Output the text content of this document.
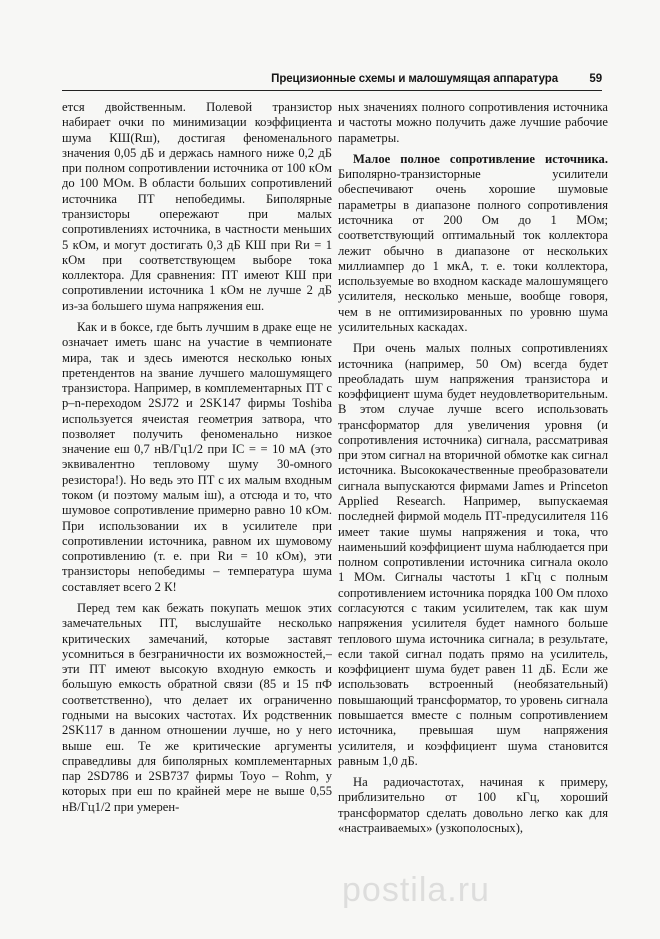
Прецизионные схемы и малошумящая аппаратура	59

ется двойственным. Полевой транзистор набирает очки по минимизации коэффициента шума КШ(Rш), достигая феноменального значения 0,05 дБ и держась намного ниже 0,2 дБ при полном сопротивлении источника от 100 кОм до 100 МОм. В области больших сопротивлений источника ПТ непобедимы. Биполярные транзисторы опережают при малых сопротивлениях источника, в частности меньших 5 кОм, и могут достигать 0,3 дБ КШ при Rи = 1 кОм при соответствующем выборе тока коллектора. Для сравнения: ПТ имеют КШ при сопротивлении источника 1 кОм не лучше 2 дБ из-за большего шума напряжения eш.

Как и в боксе, где быть лучшим в драке еще не означает иметь шанс на участие в чемпионате мира, так и здесь имеются несколько юных претендентов на звание лучшего малошумящего транзистора. Например, в комплементарных ПТ с p–n-переходом 2SJ72 и 2SK147 фирмы Toshiba используется ячеистая геометрия затвора, что позволяет получить феноменально низкое значение eш 0,7 нВ/Гц1/2 при IC = = 10 мА (это эквивалентно тепловому шуму 30-омного резистора!). Но ведь это ПТ с их малым входным током (и поэтому малым iш), а отсюда и то, что шумовое сопротивление примерно равно 10 кОм. При использовании их в усилителе при сопротивлении источника, равном их шумовому сопротивлению (т. е. при Rи = 10 кОм), эти транзисторы непобедимы – температура шума составляет всего 2 К!

Перед тем как бежать покупать мешок этих замечательных ПТ, выслушайте несколько критических замечаний, которые заставят усомниться в безграничности их возможностей,–эти ПТ имеют высокую входную емкость и большую емкость обратной связи (85 и 15 пФ соответственно), что делает их ограниченно годными на высоких частотах. Их родственник 2SK117 в данном отношении лучше, но у него выше eш. Те же критические аргументы справедливы для биполярных комплементарных пар 2SD786 и 2SB737 фирмы Toyo – Rohm, у которых при eш по крайней мере не выше 0,55 нВ/Гц1/2 при умерен-

ных значениях полного сопротивления источника и частоты можно получить даже лучшие рабочие параметры.

Малое полное сопротивление источника. Биполярно-транзисторные усилители обеспечивают очень хорошие шумовые параметры в диапазоне полного сопротивления источника от 200 Ом до 1 МОм; соответствующий оптимальный ток коллектора лежит обычно в диапазоне от нескольких миллиампер до 1 мкА, т. е. токи коллектора, используемые во входном каскаде малошумящего усилителя, несколько меньше, вообще говоря, чем в не оптимизированных по уровню шума усилительных каскадах.

При очень малых полных сопротивлениях источника (например, 50 Ом) всегда будет преобладать шум напряжения транзистора и коэффициент шума будет неудовлетворительным. В этом случае лучше всего использовать трансформатор для увеличения уровня (и сопротивления источника) сигнала, рассматривая при этом сигнал на вторичной обмотке как сигнал источника. Высококачественные преобразователи сигнала выпускаются фирмами James и Princeton Applied Research. Например, выпускаемая последней фирмой модель ПТ-предусилителя 116 имеет такие шумы напряжения и тока, что наименьший коэффициент шума наблюдается при полном сопротивлении источника сигнала около 1 МОм. Сигналы частоты 1 кГц с полным сопротивлением источника порядка 100 Ом плохо согласуются с таким усилителем, так как шум напряжения усилителя будет намного больше теплового шума источника сигнала; в результате, если такой сигнал подать прямо на усилитель, коэффициент шума будет равен 11 дБ. Если же использовать встроенный (необязательный) повышающий трансформатор, то уровень сигнала повышается вместе с полным сопротивлением источника, превышая шум напряжения усилителя, и коэффициент шума становится равным 1,0 дБ.

На радиочастотах, начиная к примеру, приблизительно от 100 кГц, хороший трансформатор сделать довольно легко как для «настраиваемых» (узкополосных),

postila.ru
